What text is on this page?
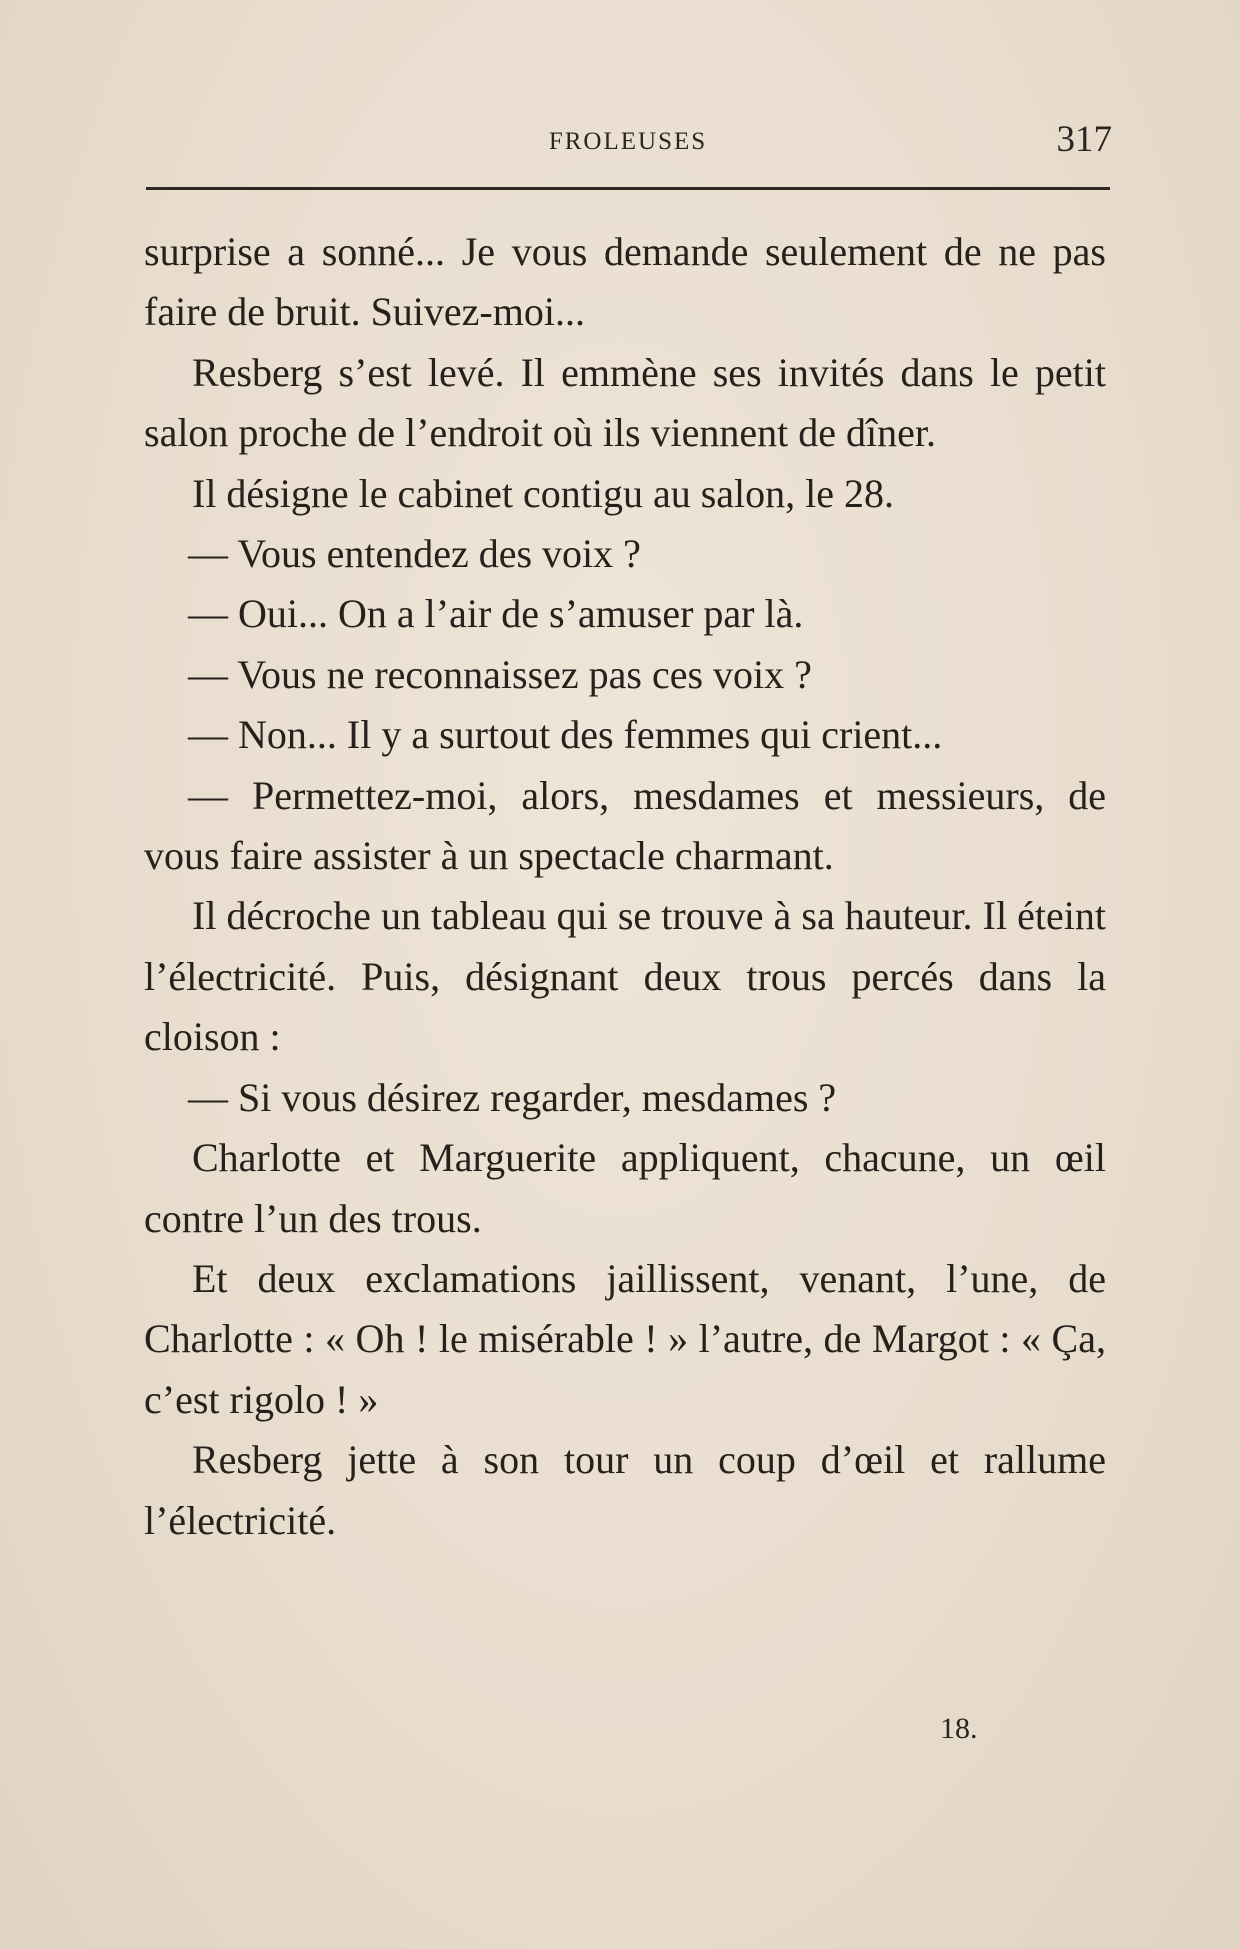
FROLEUSES	317

surprise a sonné... Je vous demande seulement de ne pas faire de bruit. Suivez-moi...

Resberg s’est levé. Il emmène ses invités dans le petit salon proche de l’endroit où ils viennent de dîner.

Il désigne le cabinet contigu au salon, le 28.

— Vous entendez des voix ?

— Oui... On a l’air de s’amuser par là.

— Vous ne reconnaissez pas ces voix ?

— Non... Il y a surtout des femmes qui crient...

— Permettez-moi, alors, mesdames et messieurs, de vous faire assister à un spectacle charmant.

Il décroche un tableau qui se trouve à sa hauteur. Il éteint l’électricité. Puis, désignant deux trous percés dans la cloison :

— Si vous désirez regarder, mesdames ?

Charlotte et Marguerite appliquent, chacune, un œil contre l’un des trous.

Et deux exclamations jaillissent, venant, l’une, de Charlotte : « Oh ! le misérable ! » l’autre, de Margot : « Ça, c’est rigolo ! »

Resberg jette à son tour un coup d’œil et rallume l’électricité.

18.
